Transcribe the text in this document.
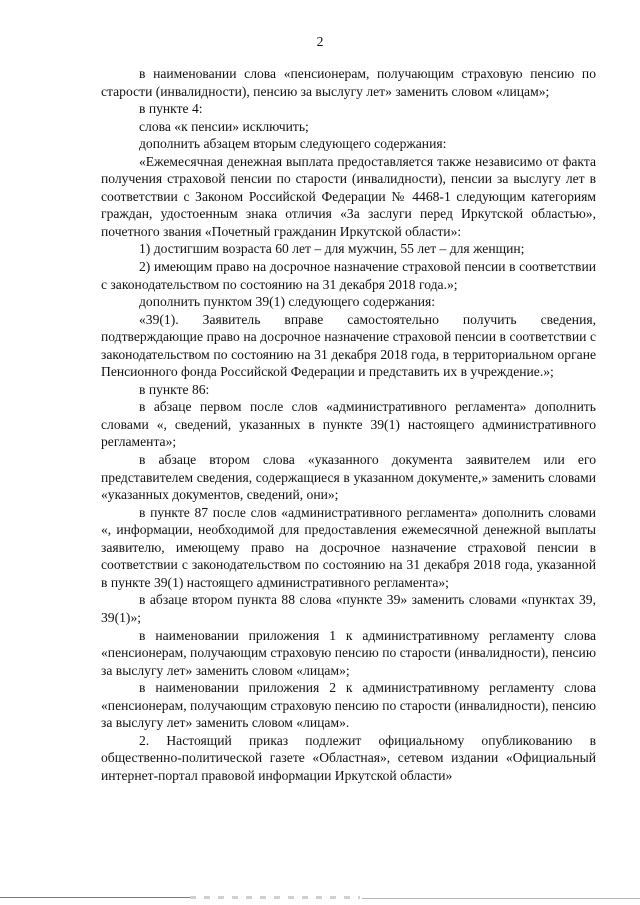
2

в наименовании слова «пенсионерам, получающим страховую пенсию по старости (инвалидности), пенсию за выслугу лет» заменить словом «лицам»;

в пункте 4:

слова «к пенсии» исключить;

дополнить абзацем вторым следующего содержания:

«Ежемесячная денежная выплата предоставляется также независимо от факта получения страховой пенсии по старости (инвалидности), пенсии за выслугу лет в соответствии с Законом Российской Федерации № 4468-1 следующим категориям граждан, удостоенным знака отличия «За заслуги перед Иркутской областью», почетного звания «Почетный гражданин Иркутской области»:

1) достигшим возраста 60 лет – для мужчин, 55 лет – для женщин;

2) имеющим право на досрочное назначение страховой пенсии в соответствии с законодательством по состоянию на 31 декабря 2018 года.»;

дополнить пунктом 39(1) следующего содержания:

«39(1). Заявитель вправе самостоятельно получить сведения, подтверждающие право на досрочное назначение страховой пенсии в соответствии с законодательством по состоянию на 31 декабря 2018 года, в территориальном органе Пенсионного фонда Российской Федерации и представить их в учреждение.»;

в пункте 86:

в абзаце первом после слов «административного регламента» дополнить словами «, сведений, указанных в пункте 39(1) настоящего административного регламента»;

в абзаце втором слова «указанного документа заявителем или его представителем сведения, содержащиеся в указанном документе,» заменить словами «указанных документов, сведений, они»;

в пункте 87 после слов «административного регламента» дополнить словами «, информации, необходимой для предоставления ежемесячной денежной выплаты заявителю, имеющему право на досрочное назначение страховой пенсии в соответствии с законодательством по состоянию на 31 декабря 2018 года, указанной в пункте 39(1) настоящего административного регламента»;

в абзаце втором пункта 88 слова «пункте 39» заменить словами «пунктах 39, 39(1)»;

в наименовании приложения 1 к административному регламенту слова «пенсионерам, получающим страховую пенсию по старости (инвалидности), пенсию за выслугу лет» заменить словом «лицам»;

в наименовании приложения 2 к административному регламенту слова «пенсионерам, получающим страховую пенсию по старости (инвалидности), пенсию за выслугу лет» заменить словом «лицам».

2. Настоящий приказ подлежит официальному опубликованию в общественно-политической газете «Областная», сетевом издании «Официальный интернет-портал правовой информации Иркутской области»
